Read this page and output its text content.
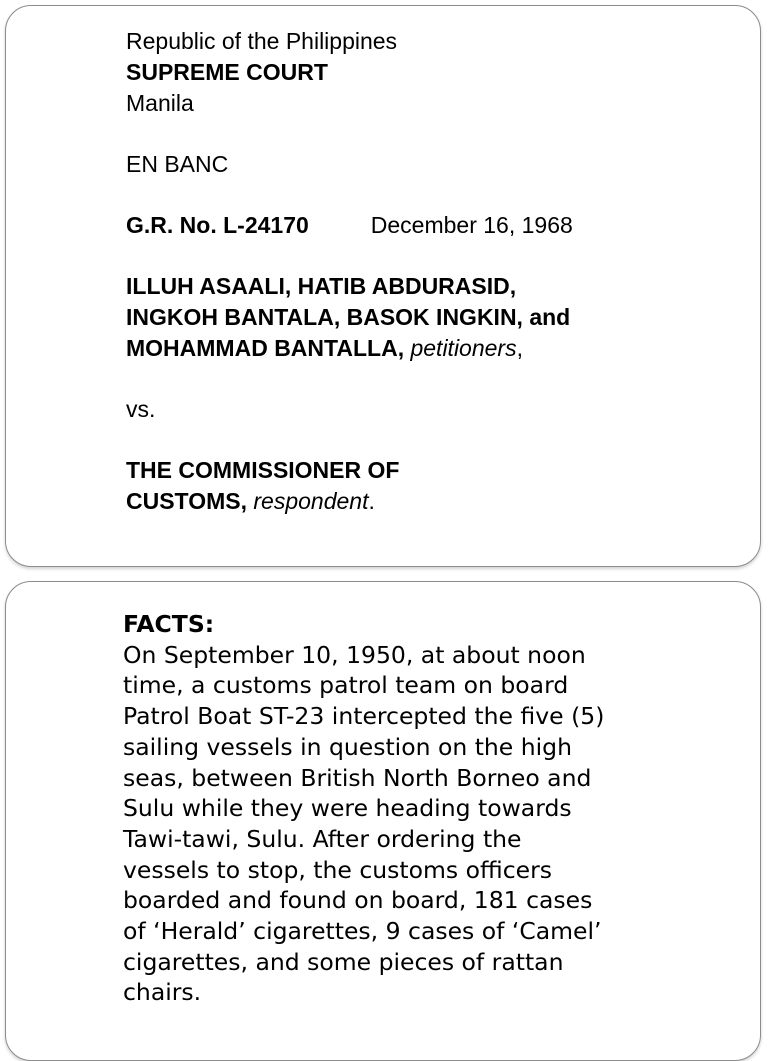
Republic of the Philippines

SUPREME COURT

Manila

EN BANC

G.R. No. L-24170	December 16, 1968

ILLUH ASAALI, HATIB ABDURASID,

INGKOH BANTALA, BASOK INGKIN, and

MOHAMMAD BANTALLA, petitioners,

vs.

THE COMMISSIONER OF

CUSTOMS, respondent.

FACTS:

On September 10, 1950, at about noon
time, a customs patrol team on board
Patrol Boat ST-23 intercepted the five (5)
sailing vessels in question on the high
seas, between British North Borneo and
Sulu while they were heading towards
Tawi-tawi, Sulu. After ordering the
vessels to stop, the customs officers
boarded and found on board, 181 cases
of ‘Herald’ cigarettes, 9 cases of ‘Camel’
cigarettes, and some pieces of rattan
chairs.
